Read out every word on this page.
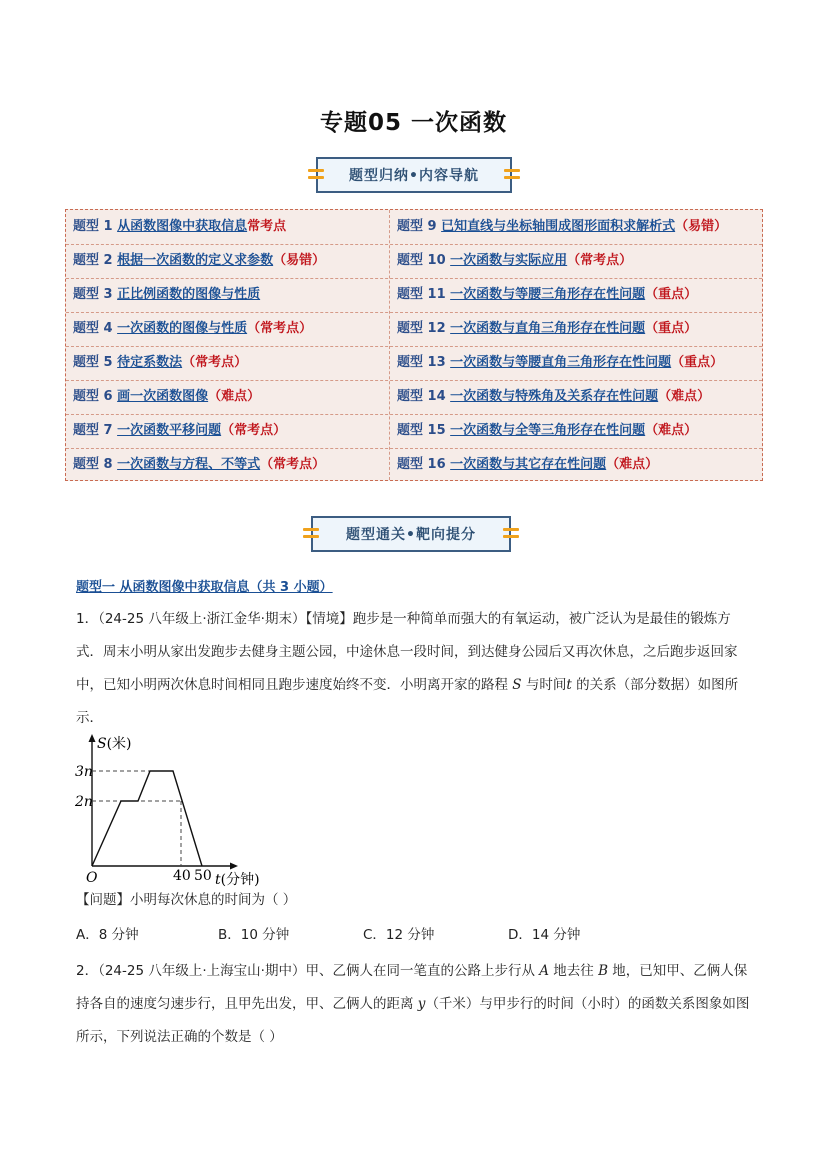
专题05 一次函数
题型归纳•内容导航
题型 1 从函数图像中获取信息常考点	题型 9 已知直线与坐标轴围成图形面积求解析式（易错）
题型 2 根据一次函数的定义求参数（易错）	题型 10 一次函数与实际应用（常考点）
题型 3 正比例函数的图像与性质	题型 11 一次函数与等腰三角形存在性问题（重点）
题型 4 一次函数的图像与性质（常考点）	题型 12 一次函数与直角三角形存在性问题（重点）
题型 5 待定系数法（常考点）	题型 13 一次函数与等腰直角三角形存在性问题（重点）
题型 6 画一次函数图像（难点）	题型 14 一次函数与特殊角及关系存在性问题（难点）
题型 7 一次函数平移问题（常考点）	题型 15 一次函数与全等三角形存在性问题（难点）
题型 8 一次函数与方程、不等式（常考点）	题型 16 一次函数与其它存在性问题（难点）
题型通关•靶向提分
题型一 从函数图像中获取信息（共 3 小题）
1．（24-25 八年级上·浙江金华·期末）【情境】跑步是一种简单而强大的有氧运动，被广泛认为是最佳的锻炼方式．周末小明从家出发跑步去健身主题公园，中途休息一段时间，到达健身公园后又再次休息，之后跑步返回家中，已知小明两次休息时间相同且跑步速度始终不变．小明离开家的路程 S 与时间t 的关系（部分数据）如图所示．
S(米)
3n
2n
O	40 50 t(分钟)
【问题】小明每次休息的时间为（ ）
A．8 分钟	B．10 分钟	C．12 分钟	D．14 分钟
2．（24-25 八年级上·上海宝山·期中）甲、乙俩人在同一笔直的公路上步行从 A 地去往 B 地，已知甲、乙俩人保持各自的速度匀速步行，且甲先出发，甲、乙俩人的距离 y（千米）与甲步行的时间（小时）的函数关系图象如图所示，下列说法正确的个数是（ ）
